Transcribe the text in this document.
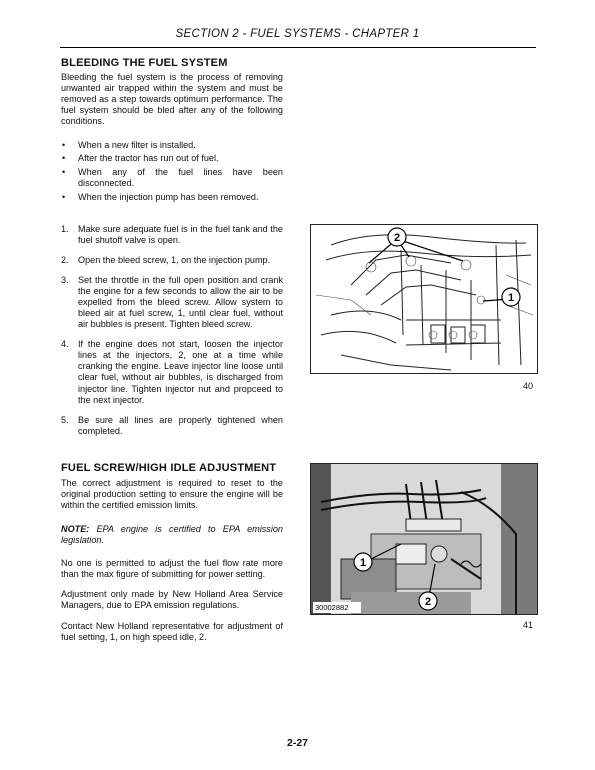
SECTION 2 - FUEL SYSTEMS - CHAPTER 1
BLEEDING THE FUEL SYSTEM
Bleeding the fuel system is the process of removing unwanted air trapped within the system and must be removed as a step towards optimum performance. The fuel system should be bled after any of the following conditions.
• When a new filter is installed.
• After the tractor has run out of fuel.
• When any of the fuel lines have been disconnected.
• When the injection pump has been removed.
1. Make sure adequate fuel is in the fuel tank and the fuel shutoff valve is open.
2. Open the bleed screw, 1, on the injection pump.
3. Set the throttle in the full open position and crank the engine for a few seconds to allow the air to be expelled from the bleed screw. Allow system to bleed air at fuel screw, 1, until clear fuel, without air bubbles is present. Tighten bleed screw.
4. If the engine does not start, loosen the injector lines at the injectors, 2, one at a time while cranking the engine. Leave injector line loose until clear fuel, without air bubbles, is discharged from injector line. Tighten injector nut and propceed to the next injector.
5. Be sure all lines are properly tightened when completed.
2
1
40
FUEL SCREW/HIGH IDLE ADJUSTMENT
The correct adjustment is required to reset to the original production setting to ensure the engine will be within the certified emission limits.
NOTE: EPA engine is certified to EPA emission legislation.
No one is permitted to adjust the fuel flow rate more than the max figure of submitting for power setting.
Adjustment only made by New Holland Area Service Managers, due to EPA emission regulations.
Contact New Holland representative for adjustment of fuel setting, 1, on high speed idle, 2.
1
2
30002882
41
2-27
